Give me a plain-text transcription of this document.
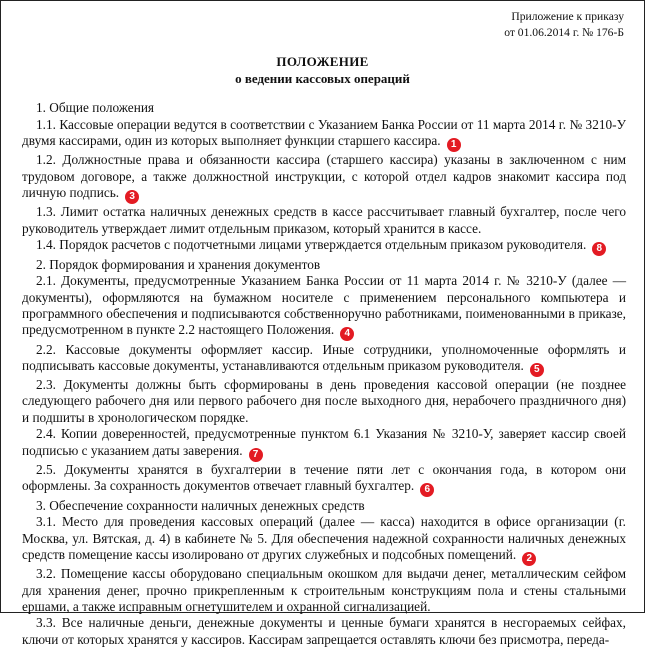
Приложение к приказу
от 01.06.2014 г. № 176-Б
ПОЛОЖЕНИЕ
о ведении кассовых операций
1. Общие положения
1.1. Кассовые операции ведутся в соответствии с Указанием Банка России от 11 марта 2014 г. № 3210-У двумя кассирами, один из которых выполняет функции старшего кассира. 1
1.2. Должностные права и обязанности кассира (старшего кассира) указаны в заключенном с ним трудовом договоре, а также должностной инструкции, с которой отдел кадров знакомит кассира под личную подпись. 3
1.3. Лимит остатка наличных денежных средств в кассе рассчитывает главный бухгалтер, после чего руководитель утверждает лимит отдельным приказом, который хранится в кассе.
1.4. Порядок расчетов с подотчетными лицами утверждается отдельным приказом руководителя. 8
2. Порядок формирования и хранения документов
2.1. Документы, предусмотренные Указанием Банка России от 11 марта 2014 г. № 3210-У (далее — документы), оформляются на бумажном носителе с применением персонального компьютера и программного обеспечения и подписываются собственноручно работниками, поименованными в приказе, предусмотренном в пункте 2.2 настоящего Положения. 4
2.2. Кассовые документы оформляет кассир. Иные сотрудники, уполномоченные оформлять и подписывать кассовые документы, устанавливаются отдельным приказом руководителя. 5
2.3. Документы должны быть сформированы в день проведения кассовой операции (не позднее следующего рабочего дня или первого рабочего дня после выходного дня, нерабочего праздничного дня) и подшиты в хронологическом порядке.
2.4. Копии доверенностей, предусмотренные пунктом 6.1 Указания № 3210-У, заверяет кассир своей подписью с указанием даты заверения. 7
2.5. Документы хранятся в бухгалтерии в течение пяти лет с окончания года, в котором они оформлены. За сохранность документов отвечает главный бухгалтер. 6
3. Обеспечение сохранности наличных денежных средств
3.1. Место для проведения кассовых операций (далее — касса) находится в офисе организации (г. Москва, ул. Вятская, д. 4) в кабинете № 5. Для обеспечения надежной сохранности наличных денежных средств помещение кассы изолировано от других служебных и подсобных помещений. 2
3.2. Помещение кассы оборудовано специальным окошком для выдачи денег, металлическим сейфом для хранения денег, прочно прикрепленным к строительным конструкциям пола и стены стальными ершами, а также исправным огнетушителем и охранной сигнализацией.
3.3. Все наличные деньги, денежные документы и ценные бумаги хранятся в несгораемых сейфах, ключи от которых хранятся у кассиров. Кассирам запрещается оставлять ключи без присмотра, переда-
